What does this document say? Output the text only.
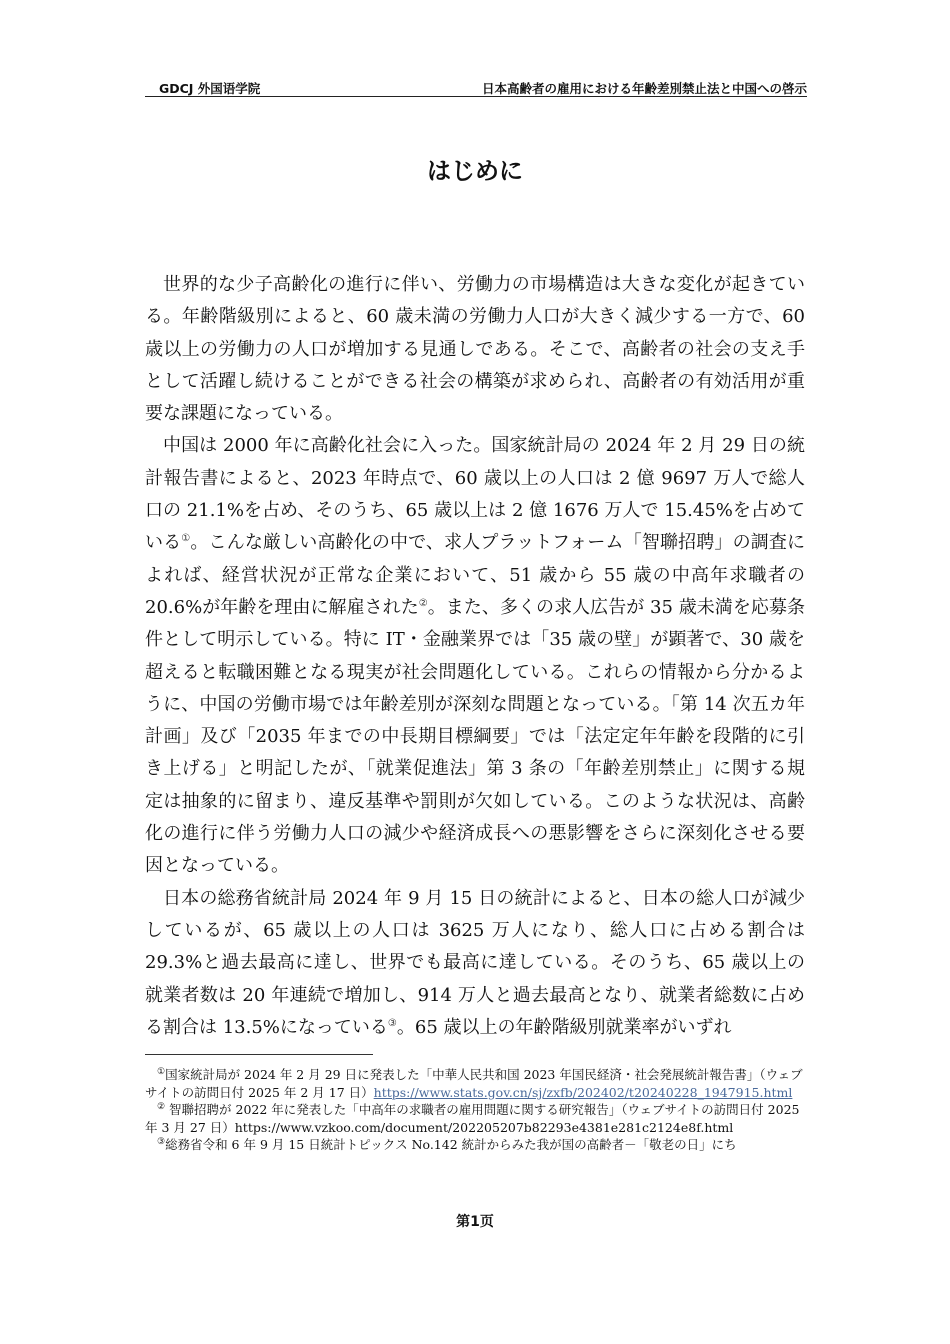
GDCJ 外国语学院	日本高齢者の雇用における年齢差別禁止法と中国への啓示
はじめに

世界的な少子高齢化の進行に伴い、労働力の市場構造は大きな変化が起きている。年齢階級別によると、60 歳未満の労働力人口が大きく減少する一方で、60 歳以上の労働力の人口が増加する見通しである。そこで、高齢者の社会の支え手として活躍し続けることができる社会の構築が求められ、高齢者の有効活用が重要な課題になっている。

中国は 2000 年に高齢化社会に入った。国家統計局の 2024 年 2 月 29 日の統計報告書によると、2023 年時点で、60 歳以上の人口は 2 億 9697 万人で総人口の 21.1%を占め、そのうち、65 歳以上は 2 億 1676 万人で 15.45%を占めている①。こんな厳しい高齢化の中で、求人プラットフォーム「智聯招聘」の調査によれば、経営状況が正常な企業において、51 歳から 55 歳の中高年求職者の 20.6%が年齢を理由に解雇された②。また、多くの求人広告が 35 歳未満を応募条件として明示している。特に IT・金融業界では「35 歳の壁」が顕著で、30 歳を超えると転職困難となる現実が社会問題化している。これらの情報から分かるように、中国の労働市場では年齢差別が深刻な問題となっている。「第 14 次五カ年計画」及び「2035 年までの中長期目標綱要」では「法定定年年齢を段階的に引き上げる」と明記したが、「就業促進法」第 3 条の「年齢差別禁止」に関する規定は抽象的に留まり、違反基準や罰則が欠如している。このような状況は、高齢化の進行に伴う労働力人口の減少や経済成長への悪影響をさらに深刻化させる要因となっている。

日本の総務省統計局 2024 年 9 月 15 日の統計によると、日本の総人口が減少しているが、65 歳以上の人口は 3625 万人になり、総人口に占める割合は 29.3%と過去最高に達し、世界でも最高に達している。そのうち、65 歳以上の就業者数は 20 年連続で増加し、914 万人と過去最高となり、就業者総数に占める割合は 13.5%になっている③。65 歳以上の年齢階級別就業率がいずれ

①国家統計局が 2024 年 2 月 29 日に発表した「中華人民共和国 2023 年国民経済・社会発展統計報告書」（ウェブサイトの訪問日付 2025 年 2 月 17 日）https://www.stats.gov.cn/sj/zxfb/202402/t20240228_1947915.html

② 智聯招聘が 2022 年に発表した「中高年の求職者の雇用問題に関する研究報告」（ウェブサイトの訪問日付 2025 年 3 月 27 日）https://www.vzkoo.com/document/202205207b82293e4381e281c2124e8f.html

③総務省令和 6 年 9 月 15 日統計トピックス No.142 統計からみた我が国の高齢者－「敬老の日」にち

第1页
